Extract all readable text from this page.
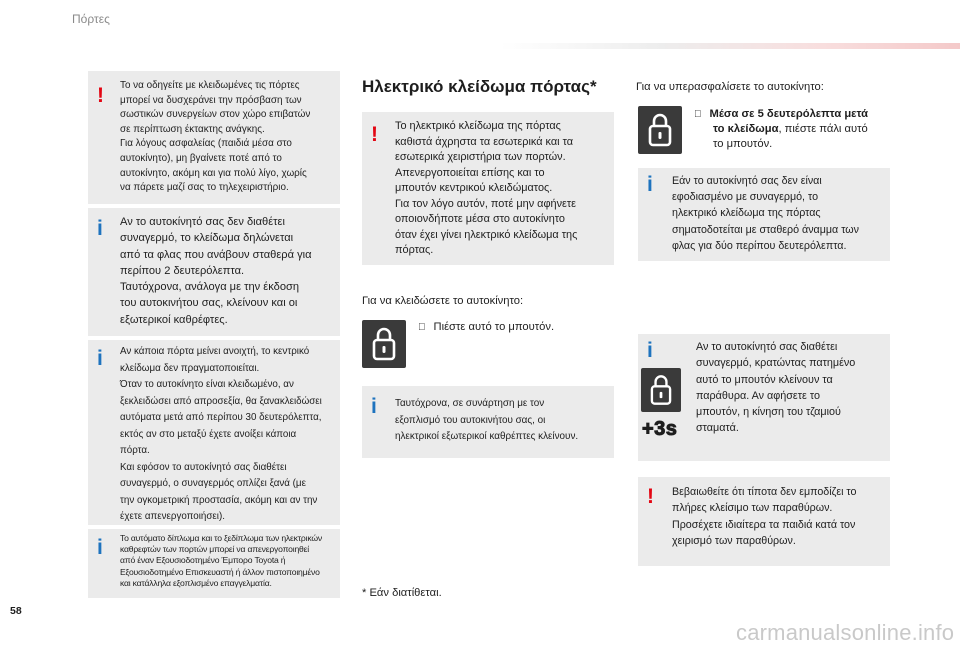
Πόρτες
! Το να οδηγείτε με κλειδωμένες τις πόρτες
μπορεί να δυσχεράνει την πρόσβαση των
σωστικών συνεργείων στον χώρο επιβατών
σε περίπτωση έκτακτης ανάγκης.
Για λόγους ασφαλείας (παιδιά μέσα στο
αυτοκίνητο), μη βγαίνετε ποτέ από το
αυτοκίνητο, ακόμη και για πολύ λίγο, χωρίς
να πάρετε μαζί σας το τηλεχειριστήριο.
i Αν το αυτοκίνητό σας δεν διαθέτει
συναγερμό, το κλείδωμα δηλώνεται
από τα φλας που ανάβουν σταθερά για
περίπου 2 δευτερόλεπτα.
Ταυτόχρονα, ανάλογα με την έκδοση
του αυτοκινήτου σας, κλείνουν και οι
εξωτερικοί καθρέφτες.
i Αν κάποια πόρτα μείνει ανοιχτή, το κεντρικό
κλείδωμα δεν πραγματοποιείται.
Όταν το αυτοκίνητο είναι κλειδωμένο, αν
ξεκλειδώσει από απροσεξία, θα ξανακλειδώσει
αυτόματα μετά από περίπου 30 δευτερόλεπτα,
εκτός αν στο μεταξύ έχετε ανοίξει κάποια
πόρτα.
Και εφόσον το αυτοκίνητό σας διαθέτει
συναγερμό, ο συναγερμός οπλίζει ξανά (με
την ογκομετρική προστασία, ακόμη και αν την
έχετε απενεργοποιήσει).
i Το αυτόματο δίπλωμα και το ξεδίπλωμα των ηλεκτρικών
καθρεφτών των πορτών μπορεί να απενεργοποιηθεί
από έναν Εξουσιοδοτημένο Έμπορο Toyota ή
Εξουσιοδοτημένο Επισκευαστή ή άλλον πιστοποιημένο
και κατάλληλα εξοπλισμένο επαγγελματία.
Ηλεκτρικό κλείδωμα πόρτας*
! Το ηλεκτρικό κλείδωμα της πόρτας
καθιστά άχρηστα τα εσωτερικά και τα
εσωτερικά χειριστήρια των πορτών.
Απενεργοποιείται επίσης και το
μπουτόν κεντρικού κλειδώματος.
Για τον λόγο αυτόν, ποτέ μην αφήνετε
οποιονδήποτε μέσα στο αυτοκίνητο
όταν έχει γίνει ηλεκτρικό κλείδωμα της
πόρτας.
Για να κλειδώσετε το αυτοκίνητο:
Πιέστε αυτό το μπουτόν.
i Ταυτόχρονα, σε συνάρτηση με τον
εξοπλισμό του αυτοκινήτου σας, οι
ηλεκτρικοί εξωτερικοί καθρέπτες κλείνουν.
* Εάν διατίθεται.
Για να υπερασφαλίσετε το αυτοκίνητο:
Μέσα σε 5 δευτερόλεπτα μετά
το κλείδωμα, πιέστε πάλι αυτό
το μπουτόν.
i Εάν το αυτοκίνητό σας δεν είναι
εφοδιασμένο με συναγερμό, το
ηλεκτρικό κλείδωμα της πόρτας
σηματοδοτείται με σταθερό άναμμα των
φλας για δύο περίπου δευτερόλεπτα.
i
+3s
Αν το αυτοκίνητό σας διαθέτει
συναγερμό, κρατώντας πατημένο
αυτό το μπουτόν κλείνουν τα
παράθυρα. Αν αφήσετε το
μπουτόν, η κίνηση του τζαμιού
σταματά.
! Βεβαιωθείτε ότι τίποτα δεν εμποδίζει το
πλήρες κλείσιμο των παραθύρων.
Προσέχετε ιδιαίτερα τα παιδιά κατά τον
χειρισμό των παραθύρων.
58
carmanualsonline.info
